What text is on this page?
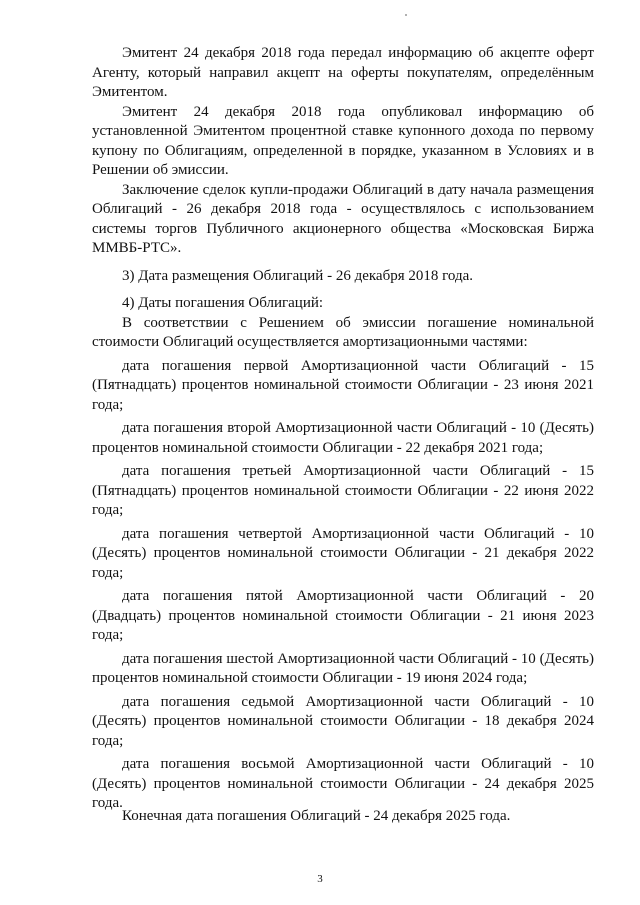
Эмитент 24 декабря 2018 года передал информацию об акцепте оферт Агенту, который направил акцепт на оферты покупателям, определённым Эмитентом.

Эмитент 24 декабря 2018 года опубликовал информацию об установленной Эмитентом процентной ставке купонного дохода по первому купону по Облигациям, определенной в порядке, указанном в Условиях и в Решении об эмиссии.

Заключение сделок купли-продажи Облигаций в дату начала размещения Облигаций - 26 декабря 2018 года - осуществлялось с использованием системы торгов Публичного акционерного общества «Московская Биржа ММВБ-РТС».

3) Дата размещения Облигаций - 26 декабря 2018 года.

4) Даты погашения Облигаций:

В соответствии с Решением об эмиссии погашение номинальной стоимости Облигаций осуществляется амортизационными частями:

дата погашения первой Амортизационной части Облигаций - 15 (Пятнадцать) процентов номинальной стоимости Облигации - 23 июня 2021 года;

дата погашения второй Амортизационной части Облигаций - 10 (Десять) процентов номинальной стоимости Облигации - 22 декабря 2021 года;

дата погашения третьей Амортизационной части Облигаций - 15 (Пятнадцать) процентов номинальной стоимости Облигации - 22 июня 2022 года;

дата погашения четвертой Амортизационной части Облигаций - 10 (Десять) процентов номинальной стоимости Облигации - 21 декабря 2022 года;

дата погашения пятой Амортизационной части Облигаций - 20 (Двадцать) процентов номинальной стоимости Облигации - 21 июня 2023 года;

дата погашения шестой Амортизационной части Облигаций - 10 (Десять) процентов номинальной стоимости Облигации - 19 июня 2024 года;

дата погашения седьмой Амортизационной части Облигаций - 10 (Десять) процентов номинальной стоимости Облигации - 18 декабря 2024 года;

дата погашения восьмой Амортизационной части Облигаций - 10 (Десять) процентов номинальной стоимости Облигации - 24 декабря 2025 года.

Конечная дата погашения Облигаций - 24 декабря 2025 года.
3
